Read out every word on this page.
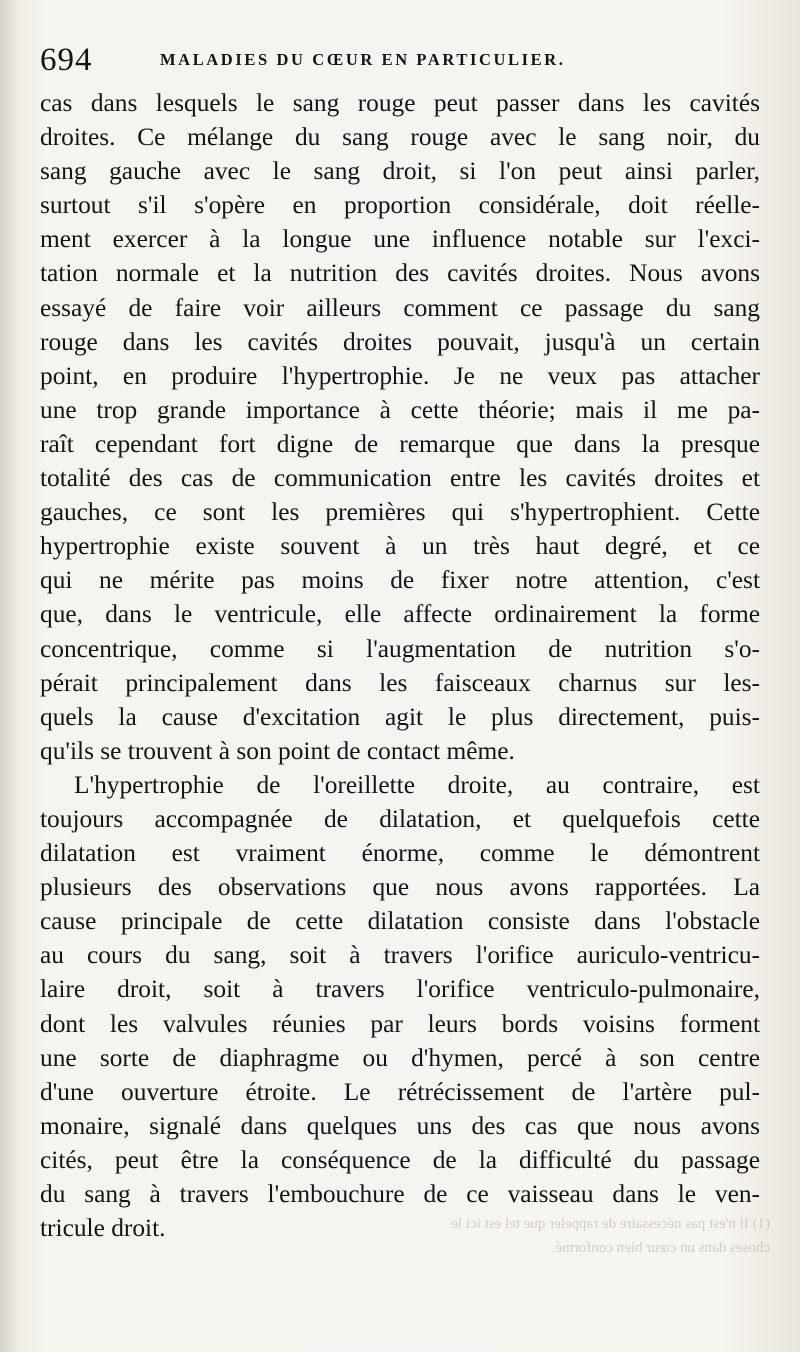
694	MALADIES DU CŒUR EN PARTICULIER.
cas dans lesquels le sang rouge peut passer dans les cavités
droites. Ce mélange du sang rouge avec le sang noir, du
sang gauche avec le sang droit, si l'on peut ainsi parler,
surtout s'il s'opère en proportion considérale, doit réelle-
ment exercer à la longue une influence notable sur l'exci-
tation normale et la nutrition des cavités droites. Nous avons
essayé de faire voir ailleurs comment ce passage du sang
rouge dans les cavités droites pouvait, jusqu'à un certain
point, en produire l'hypertrophie. Je ne veux pas attacher
une trop grande importance à cette théorie; mais il me pa-
raît cependant fort digne de remarque que dans la presque
totalité des cas de communication entre les cavités droites et
gauches, ce sont les premières qui s'hypertrophient. Cette
hypertrophie existe souvent à un très haut degré, et ce
qui ne mérite pas moins de fixer notre attention, c'est
que, dans le ventricule, elle affecte ordinairement la forme
concentrique, comme si l'augmentation de nutrition s'o-
pérait principalement dans les faisceaux charnus sur les-
quels la cause d'excitation agit le plus directement, puis-
qu'ils se trouvent à son point de contact même.
L'hypertrophie de l'oreillette droite, au contraire, est
toujours accompagnée de dilatation, et quelquefois cette
dilatation est vraiment énorme, comme le démontrent
plusieurs des observations que nous avons rapportées. La
cause principale de cette dilatation consiste dans l'obstacle
au cours du sang, soit à travers l'orifice auriculo-ventricu-
laire droit, soit à travers l'orifice ventriculo-pulmonaire,
dont les valvules réunies par leurs bords voisins forment
une sorte de diaphragme ou d'hymen, percé à son centre
d'une ouverture étroite. Le rétrécissement de l'artère pul-
monaire, signalé dans quelques uns des cas que nous avons
cités, peut être la conséquence de la difficulté du passage
du sang à travers l'embouchure de ce vaisseau dans le ven-
tricule droit.	(1) Il n'est pas nécessaire de rappeler que tel est ici le
choses dans un cœur bien conformé.
